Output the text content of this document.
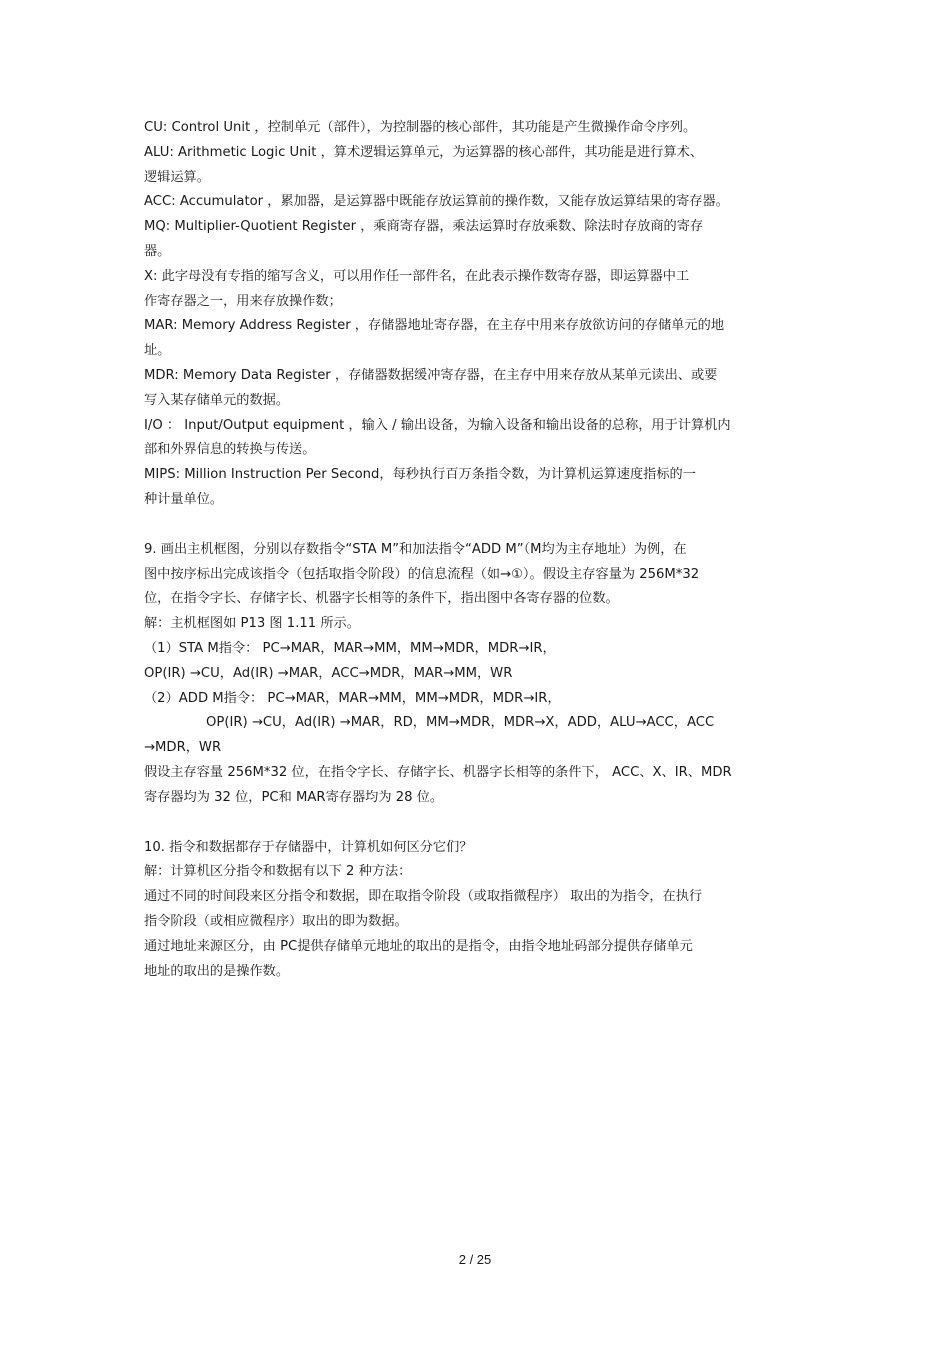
CU: Control Unit ，控制单元（部件），为控制器的核心部件，其功能是产生微操作命令序列。
ALU: Arithmetic Logic Unit ，算术逻辑运算单元，为运算器的核心部件，其功能是进行算术、
逻辑运算。
ACC: Accumulator ，累加器，是运算器中既能存放运算前的操作数，又能存放运算结果的寄存器。
MQ: Multiplier-Quotient Register ，乘商寄存器，乘法运算时存放乘数、除法时存放商的寄存
器。
X: 此字母没有专指的缩写含义，可以用作任一部件名，在此表示操作数寄存器，即运算器中工
作寄存器之一，用来存放操作数；
MAR: Memory Address Register ，存储器地址寄存器，在主存中用来存放欲访问的存储单元的地
址。
MDR: Memory Data Register ，存储器数据缓冲寄存器，在主存中用来存放从某单元读出、或要
写入某存储单元的数据。
I/O ： Input/Output equipment ，输入 / 输出设备，为输入设备和输出设备的总称，用于计算机内
部和外界信息的转换与传送。
MIPS: Million Instruction Per Second，每秒执行百万条指令数，为计算机运算速度指标的一
种计量单位。
9. 画出主机框图，分别以存数指令“STA M”和加法指令“ADD M”（M均为主存地址）为例，在
图中按序标出完成该指令（包括取指令阶段）的信息流程（如→①）。假设主存容量为 256M*32
位，在指令字长、存储字长、机器字长相等的条件下，指出图中各寄存器的位数。
解：主机框图如 P13 图 1.11 所示。
（1）STA M指令： PC→MAR，MAR→MM，MM→MDR，MDR→IR，
OP(IR) →CU，Ad(IR) →MAR，ACC→MDR，MAR→MM，WR
（2）ADD M指令： PC→MAR，MAR→MM，MM→MDR，MDR→IR，
OP(IR) →CU，Ad(IR) →MAR，RD，MM→MDR，MDR→X，ADD，ALU→ACC，ACC
→MDR，WR
假设主存容量 256M*32 位，在指令字长、存储字长、机器字长相等的条件下， ACC、X、IR、MDR
寄存器均为 32 位，PC和 MAR寄存器均为 28 位。
10. 指令和数据都存于存储器中，计算机如何区分它们？
解：计算机区分指令和数据有以下 2 种方法：
通过不同的时间段来区分指令和数据，即在取指令阶段（或取指微程序） 取出的为指令，在执行
指令阶段（或相应微程序）取出的即为数据。
通过地址来源区分，由 PC提供存储单元地址的取出的是指令，由指令地址码部分提供存储单元
地址的取出的是操作数。
2 / 25
